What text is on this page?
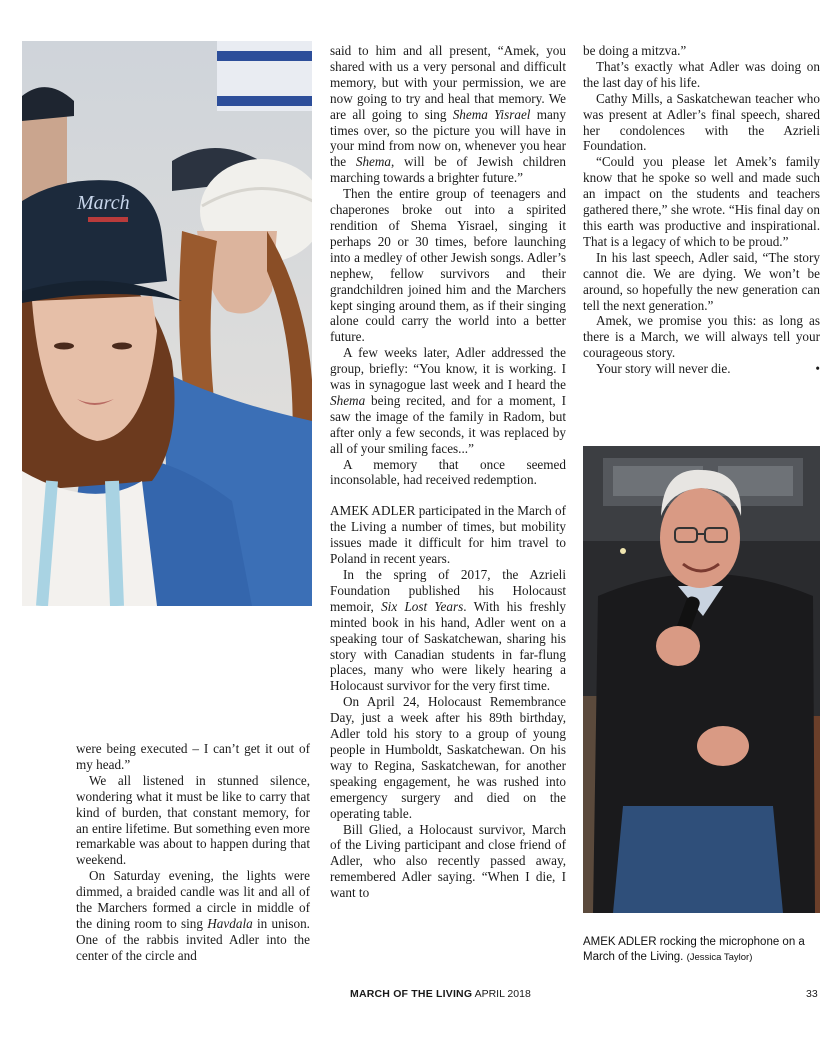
March

were being executed – I can’t get it out of my head.”

We all listened in stunned silence, wondering what it must be like to carry that kind of burden, that constant memory, for an entire lifetime. But something even more remarkable was about to happen during that weekend.

On Saturday evening, the lights were dimmed, a braided candle was lit and all of the Marchers formed a circle in middle of the dining room to sing Havdala in unison. One of the rabbis invited Adler into the center of the circle and

said to him and all present, “Amek, you shared with us a very personal and difficult memory, but with your permission, we are now going to try and heal that memory. We are all going to sing Shema Yisrael many times over, so the picture you will have in your mind from now on, whenever you hear the Shema, will be of Jewish children marching towards a brighter future.”

Then the entire group of teenagers and chaperones broke out into a spirited rendition of Shema Yisrael, singing it perhaps 20 or 30 times, before launching into a medley of other Jewish songs. Adler’s nephew, fellow survivors and their grandchildren joined him and the Marchers kept singing around them, as if their singing alone could carry the world into a better future.

A few weeks later, Adler addressed the group, briefly: “You know, it is working. I was in synagogue last week and I heard the Shema being recited, and for a moment, I saw the image of the family in Radom, but after only a few seconds, it was replaced by all of your smiling faces...”

A memory that once seemed inconsolable, had received redemption.

AMEK ADLER participated in the March of the Living a number of times, but mobility issues made it difficult for him travel to Poland in recent years.

In the spring of 2017, the Azrieli Foundation published his Holocaust memoir, Six Lost Years. With his freshly minted book in his hand, Adler went on a speaking tour of Saskatchewan, sharing his story with Canadian students in far-flung places, many who were likely hearing a Holocaust survivor for the very first time.

On April 24, Holocaust Remembrance Day, just a week after his 89th birthday, Adler told his story to a group of young people in Humboldt, Saskatchewan. On his way to Regina, Saskatchewan, for another speaking engagement, he was rushed into emergency surgery and died on the operating table.

Bill Glied, a Holocaust survivor, March of the Living participant and close friend of Adler, who also recently passed away, remembered Adler saying. “When I die, I want to

be doing a mitzva.”

That’s exactly what Adler was doing on the last day of his life.

Cathy Mills, a Saskatchewan teacher who was present at Adler’s final speech, shared her condolences with the Azrieli Foundation.

“Could you please let Amek’s family know that he spoke so well and made such an impact on the students and teachers gathered there,” she wrote. “His final day on this earth was productive and inspirational. That is a legacy of which to be proud.”

In his last speech, Adler said, “The story cannot die. We are dying. We won’t be around, so hopefully the new generation can tell the next generation.”

Amek, we promise you this: as long as there is a March, we will always tell your courageous story.

Your story will never die.	•

AMEK ADLER rocking the microphone on a March of the Living. (Jessica Taylor)
MARCH OF THE LIVING APRIL 2018	33
